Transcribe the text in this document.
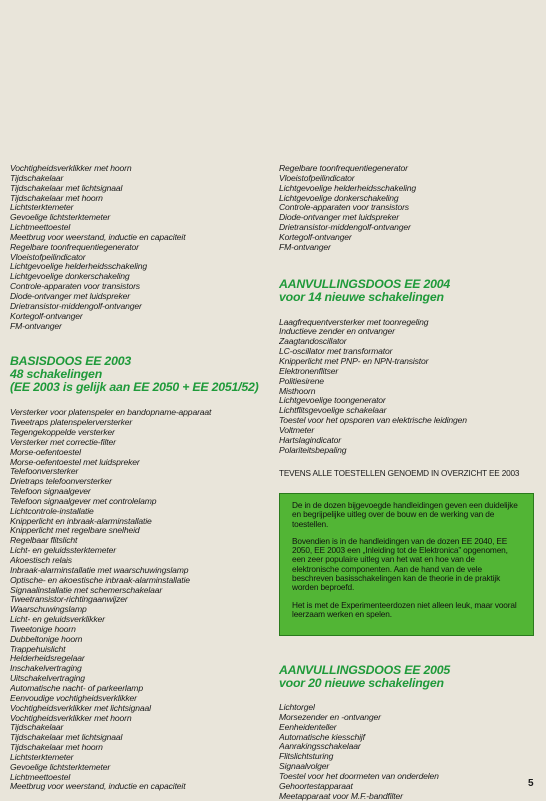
Vochtigheidsverklikker met hoorn
Tijdschakelaar
Tijdschakelaar met lichtsignaal
Tijdschakelaar met hoorn
Lichtsterktemeter
Gevoelige lichtsterktemeter
Lichtmeettoestel
Meetbrug voor weerstand, inductie en capaciteit
Regelbare toonfrequentiegenerator
Vloeistofpeilindicator
Lichtgevoelige helderheidsschakeling
Lichtgevoelige donkerschakeling
Controle-apparaten voor transistors
Diode-ontvanger met luidspreker
Drietransistor-middengolf-ontvanger
Kortegolf-ontvanger
FM-ontvanger

BASISDOOS EE 2003

48 schakelingen

(EE 2003 is gelijk aan EE 2050 + EE 2051/52)

Versterker voor platenspeler en bandopname-apparaat
Tweetraps platenspelerversterker
Tegengekoppelde versterker
Versterker met correctie-filter
Morse-oefentoestel
Morse-oefentoestel met luidspreker
Telefoonversterker
Drietraps telefoonversterker
Telefoon signaalgever
Telefoon signaalgever met controlelamp
Lichtcontrole-installatie
Knipperlicht en inbraak-alarminstallatie
Knipperlicht met regelbare snelheid
Regelbaar flitslicht
Licht- en geluidssterktemeter
Akoestisch relais
Inbraak-alarminstallatie met waarschuwingslamp
Optische- en akoestische inbraak-alarminstallatie
Signaalinstallatie met schemerschakelaar
Tweetransistor-richtingaanwijzer
Waarschuwingslamp
Licht- en geluidsverklikker
Tweetonige hoorn
Dubbeltonige hoorn
Trappehuislicht
Helderheidsregelaar
Inschakelvertraging
Uitschakelvertraging
Automatische nacht- of parkeerlamp
Eenvoudige vochtigheidsverklikker
Vochtigheidsverklikker met lichtsignaal
Vochtigheidsverklikker met hoorn
Tijdschakelaar
Tijdschakelaar met lichtsignaal
Tijdschakelaar met hoorn
Lichtsterktemeter
Gevoelige lichtsterktemeter
Lichtmeettoestel
Meetbrug voor weerstand, inductie en capaciteit
Regelbare toonfrequentiegenerator
Vloeistofpeilindicator
Lichtgevoelige helderheidsschakeling
Lichtgevoelige donkerschakeling
Controle-apparaten voor transistors
Diode-ontvanger met luidspreker
Drietransistor-middengolf-ontvanger
Kortegolf-ontvanger
FM-ontvanger

AANVULLINGSDOOS EE 2004

voor 14 nieuwe schakelingen

Laagfrequentversterker met toonregeling
Inductieve zender en ontvanger
Zaagtandoscillator
LC-oscillator met transformator
Knipperlicht met PNP- en NPN-transistor
Elektronenflitser
Politiesirene
Misthoorn
Lichtgevoelige toongenerator
Lichtflitsgevoelige schakelaar
Toestel voor het opsporen van elektrische leidingen
Voltmeter
Hartslagindicator
Polariteitsbepaling
TEVENS ALLE TOESTELLEN GENOEMD IN OVERZICHT EE 2003

De in de dozen bijgevoegde handleidingen geven een duidelijke en begrijpelijke uitleg over de bouw en de werking van de toestellen.

Bovendien is in de handleidingen van de dozen EE 2040, EE 2050, EE 2003 een „Inleiding tot de Elektronica” opgenomen, een zeer populaire uitleg van het wat en hoe van de elektronische componenten. Aan de hand van de vele beschreven basisschakelingen kan de theorie in de praktijk worden beproefd.

Het is met de Experimenteerdozen niet alleen leuk, maar vooral leerzaam werken en spelen.

AANVULLINGSDOOS EE 2005

voor 20 nieuwe schakelingen

Lichtorgel
Morsezender en -ontvanger
Eenheidenteller
Automatische kiesschijf
Aanrakingsschakelaar
Flitslichtsturing
Signaalvolger
Toestel voor het doormeten van onderdelen
Gehoortestapparaat
Meetapparaat voor M.F.-bandfilter
5
